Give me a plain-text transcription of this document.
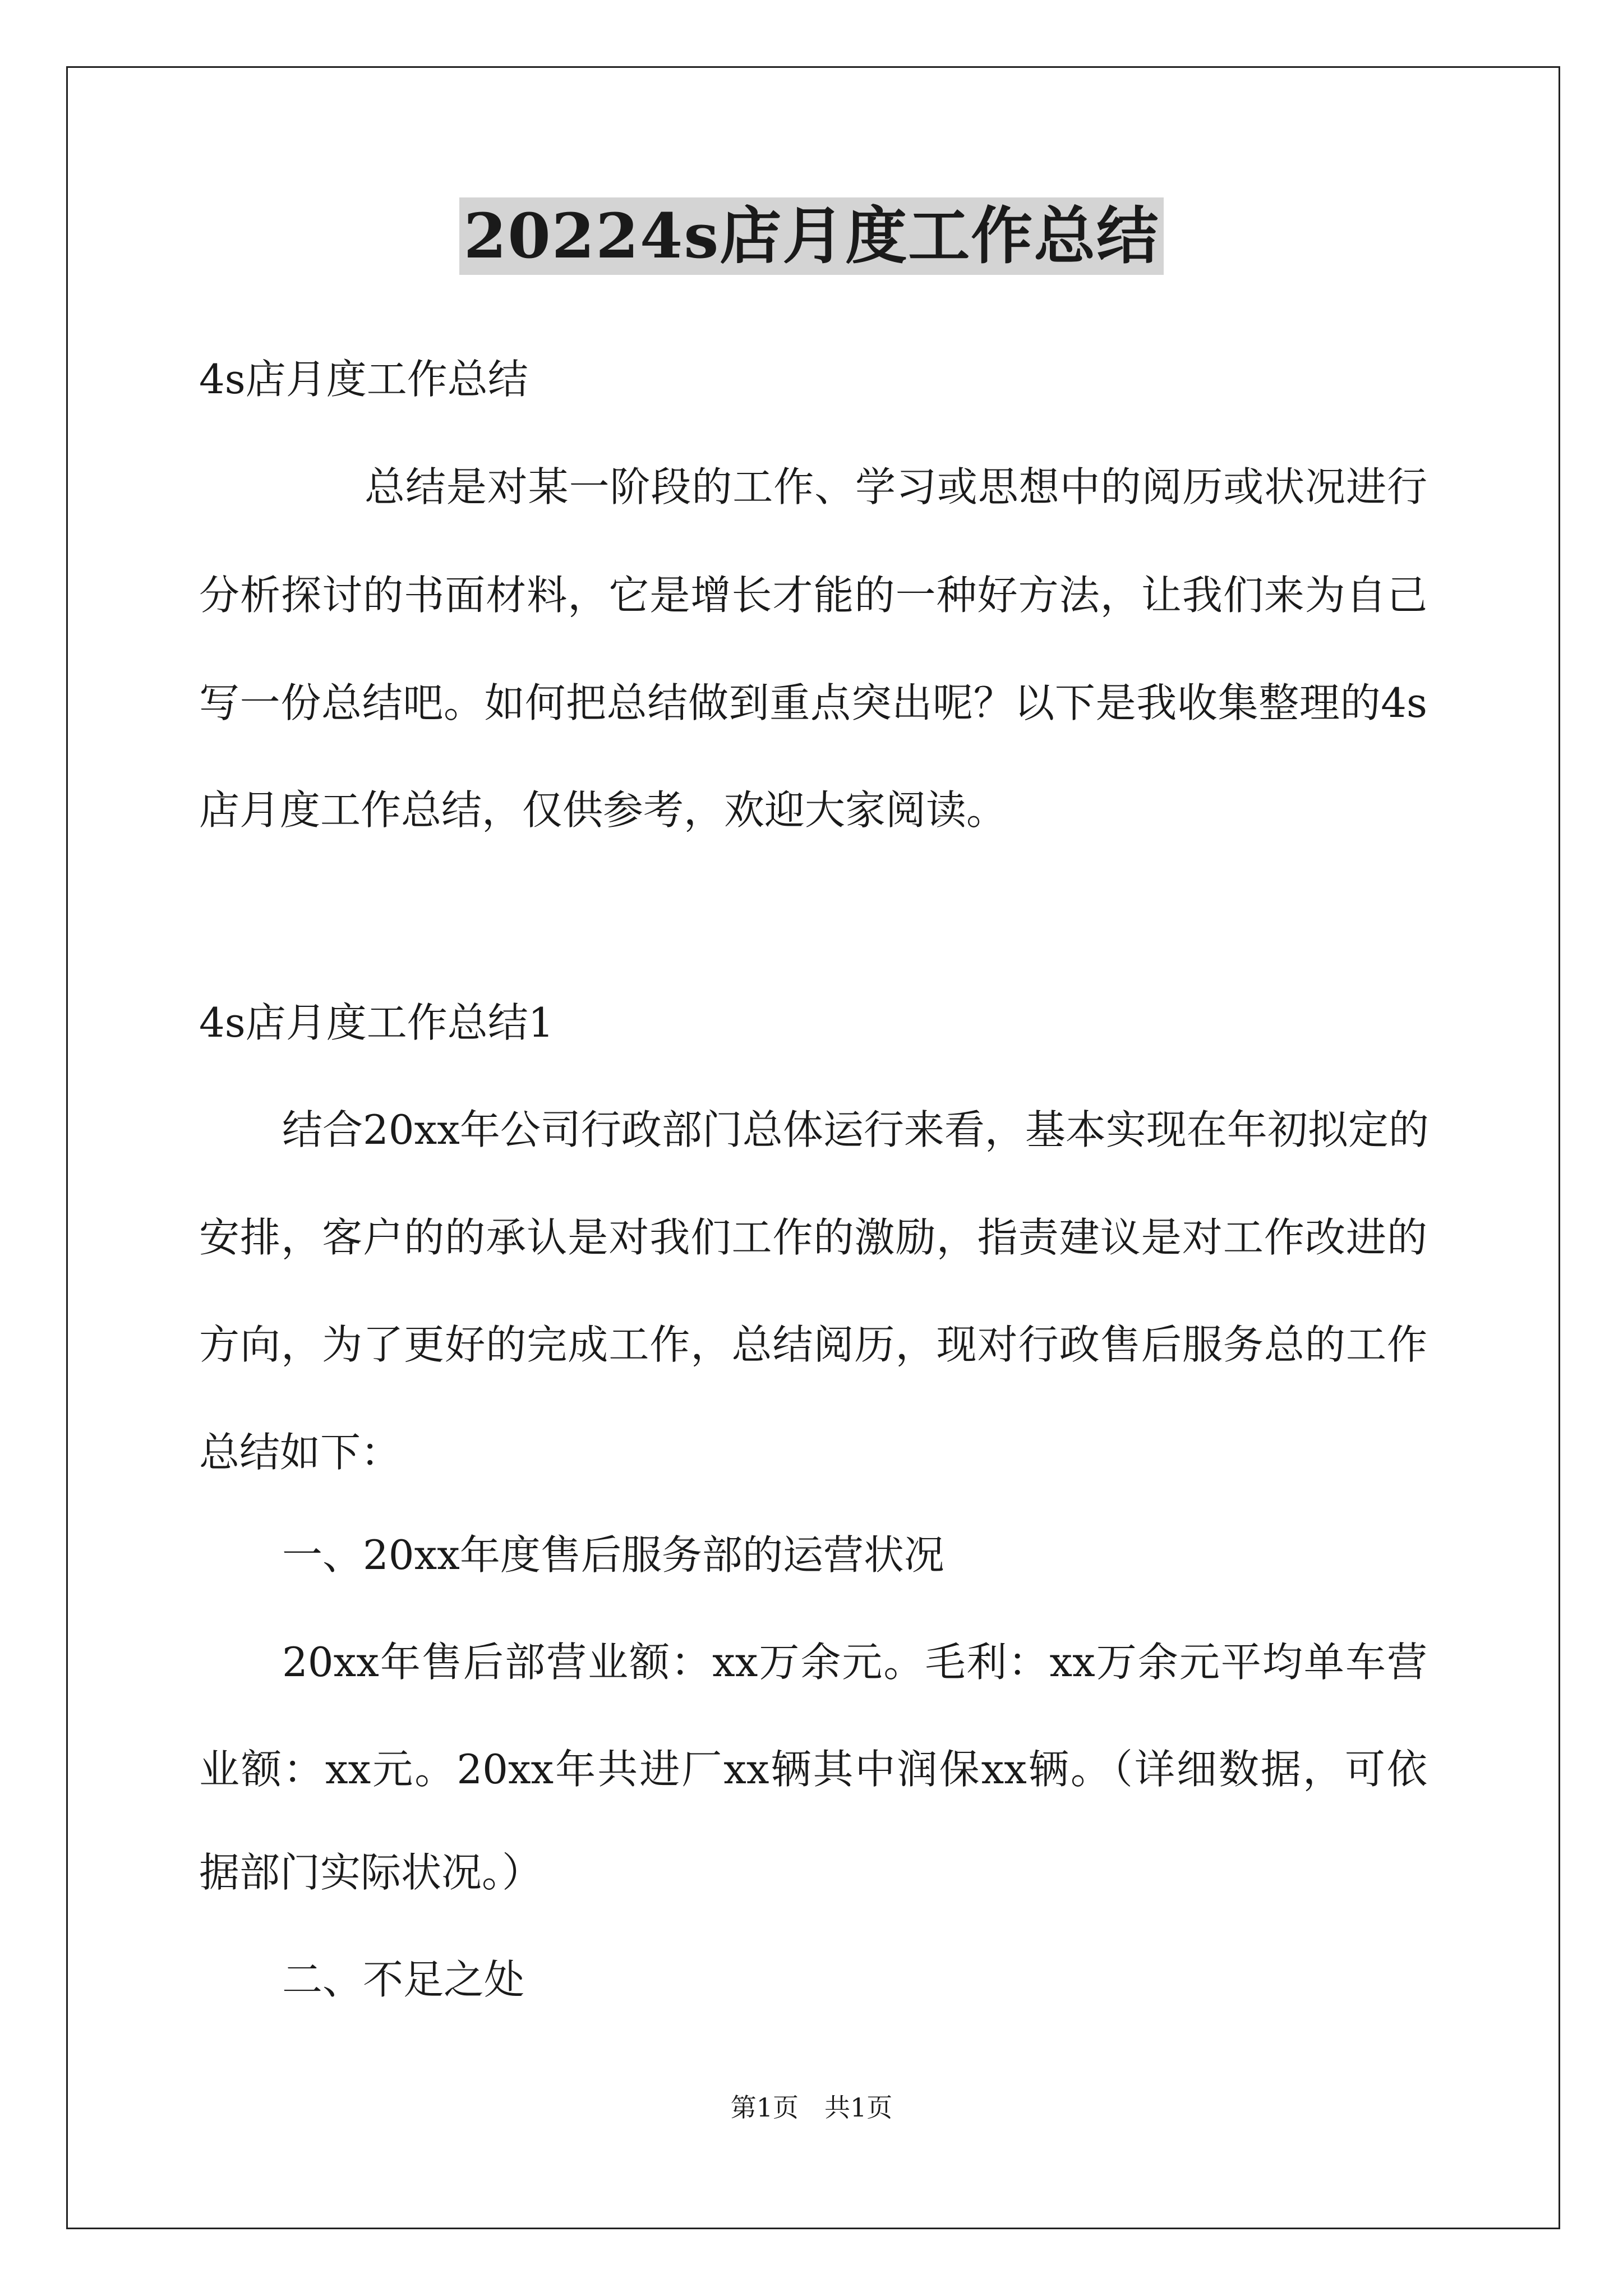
20224s店月度工作总结

4s店月度工作总结

总结是对某一阶段的工作、学习或思想中的阅历或状况进行

分析探讨的书面材料，它是增长才能的一种好方法，让我们来为自己

写一份总结吧。如何把总结做到重点突出呢？以下是我收集整理的4s

店月度工作总结，仅供参考，欢迎大家阅读。

4s店月度工作总结1

结合20xx年公司行政部门总体运行来看，基本实现在年初拟定的

安排，客户的的承认是对我们工作的激励，指责建议是对工作改进的

方向，为了更好的完成工作，总结阅历，现对行政售后服务总的工作

总结如下：

一、20xx年度售后服务部的运营状况

20xx年售后部营业额：xx万余元。毛利：xx万余元平均单车营

业额：xx元。20xx年共进厂xx辆其中润保xx辆。（详细数据，可依

据部门实际状况。）

二、不足之处

第1页　共1页
